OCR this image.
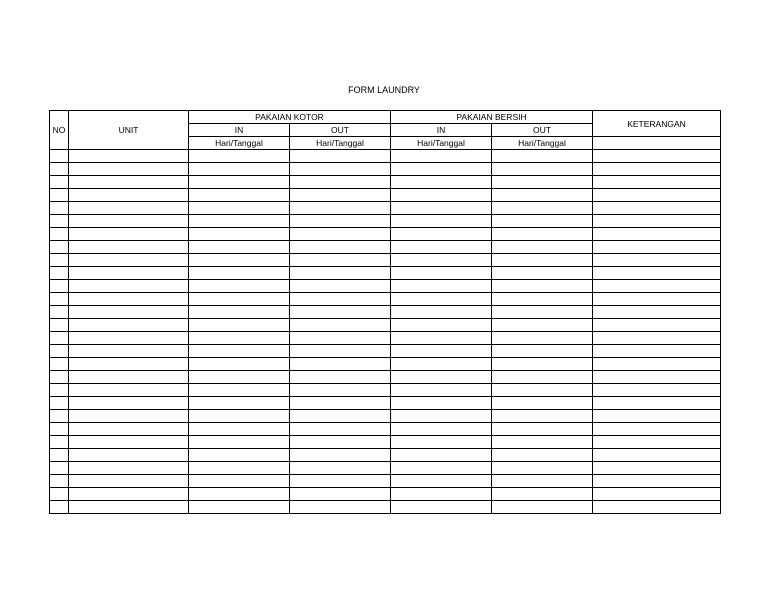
FORM LAUNDRY
NO	UNIT	PAKAIAN KOTOR		PAKAIAN BERSIH		KETERANGAN
		IN	OUT	IN	OUT	
		Hari/Tanggal	Hari/Tanggal	Hari/Tanggal	Hari/Tanggal	
